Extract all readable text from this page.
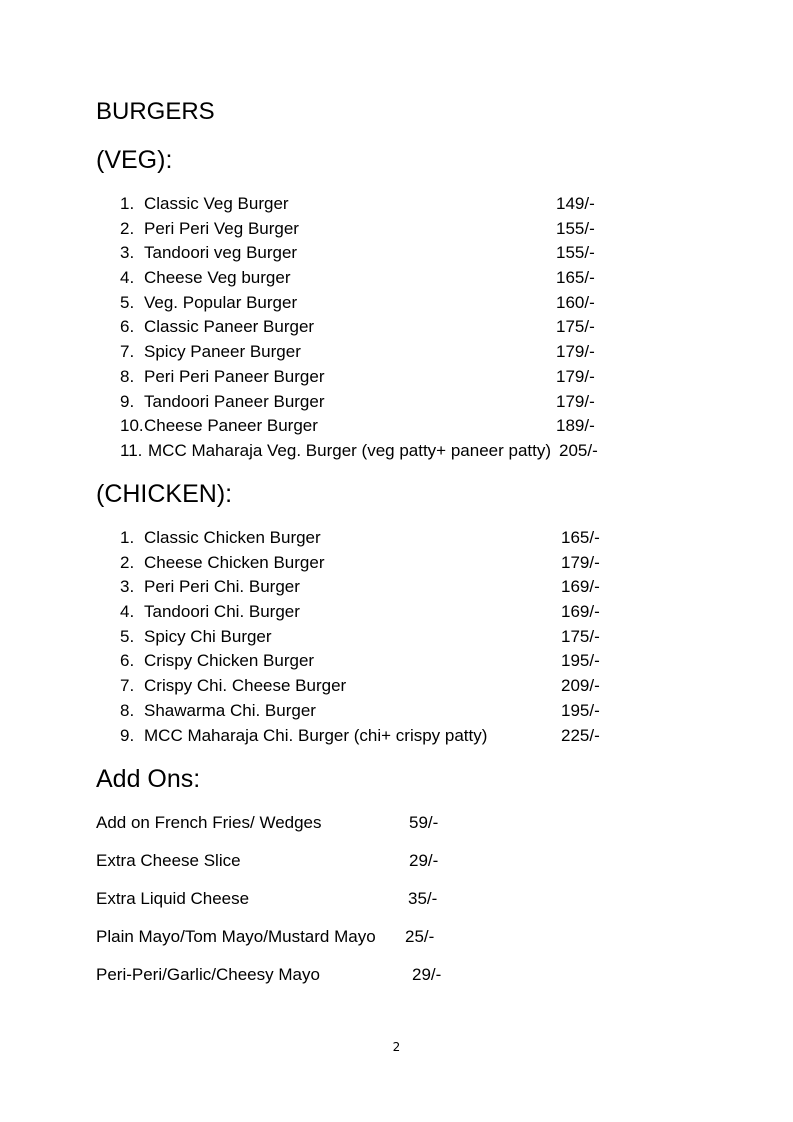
BURGERS
(VEG):
1. Classic Veg Burger	149/-
2. Peri Peri Veg Burger	155/-
3. Tandoori veg Burger	155/-
4. Cheese Veg burger	165/-
5. Veg. Popular Burger	160/-
6. Classic Paneer Burger	175/-
7. Spicy Paneer Burger	179/-
8. Peri Peri Paneer Burger	179/-
9. Tandoori Paneer Burger	179/-
10. Cheese Paneer Burger	189/-
11. MCC Maharaja Veg. Burger (veg patty+ paneer patty) 205/-
(CHICKEN):
1. Classic Chicken Burger	165/-
2. Cheese Chicken Burger	179/-
3. Peri Peri Chi. Burger	169/-
4. Tandoori Chi. Burger	169/-
5. Spicy Chi Burger	175/-
6. Crispy Chicken Burger	195/-
7. Crispy Chi. Cheese Burger	209/-
8. Shawarma Chi. Burger	195/-
9. MCC Maharaja Chi. Burger (chi+ crispy patty)	225/-
Add Ons:
Add on French Fries/ Wedges	59/-
Extra Cheese Slice	29/-
Extra Liquid Cheese	35/-
Plain Mayo/Tom Mayo/Mustard Mayo 25/-
Peri-Peri/Garlic/Cheesy Mayo	29/-
2
